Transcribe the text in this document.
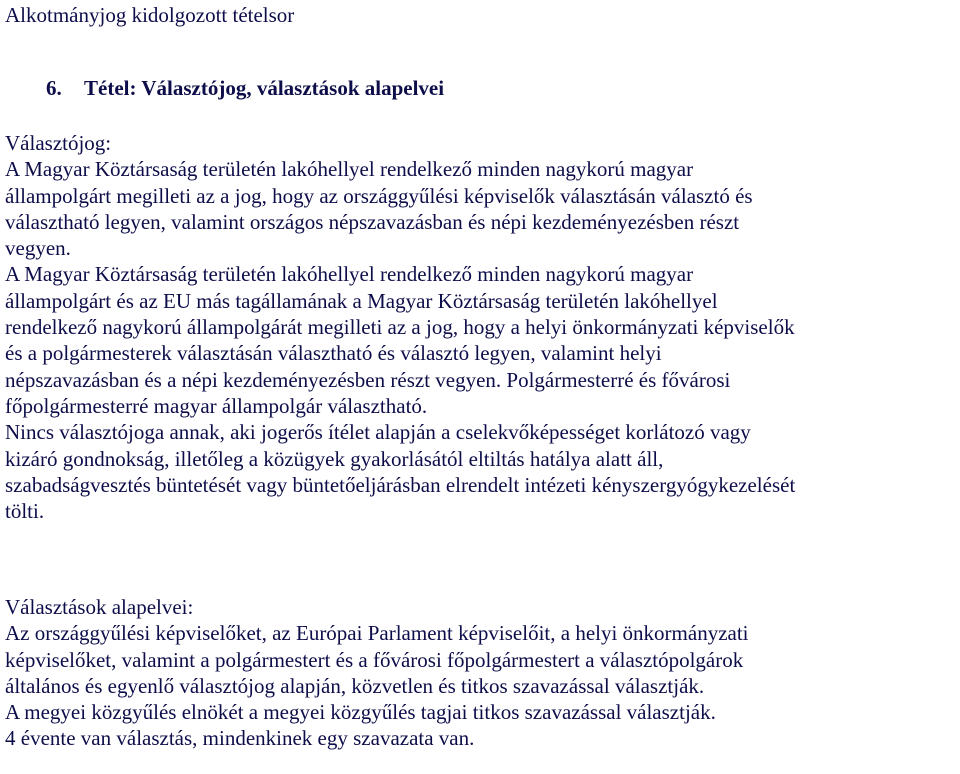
Alkotmányjog kidolgozott tételsor
6. Tétel: Választójog, választások alapelvei
Választójog:
A Magyar Köztársaság területén lakóhellyel rendelkező minden nagykorú magyar
állampolgárt megilleti az a jog, hogy az országgyűlési képviselők választásán választó és
választható legyen, valamint országos népszavazásban és népi kezdeményezésben részt
vegyen.
A Magyar Köztársaság területén lakóhellyel rendelkező minden nagykorú magyar
állampolgárt és az EU más tagállamának a Magyar Köztársaság területén lakóhellyel
rendelkező nagykorú állampolgárát megilleti az a jog, hogy a helyi önkormányzati képviselők
és a polgármesterek választásán választható és választó legyen, valamint helyi
népszavazásban és a népi kezdeményezésben részt vegyen. Polgármesterré és fővárosi
főpolgármesterré magyar állampolgár választható.
Nincs választójoga annak, aki jogerős ítélet alapján a cselekvőképességet korlátozó vagy
kizáró gondnokság, illetőleg a közügyek gyakorlásától eltiltás hatálya alatt áll,
szabadságvesztés büntetését vagy büntetőeljárásban elrendelt intézeti kényszergyógykezelését
tölti.
Választások alapelvei:
Az országgyűlési képviselőket, az Európai Parlament képviselőit, a helyi önkormányzati
képviselőket, valamint a polgármestert és a fővárosi főpolgármestert a választópolgárok
általános és egyenlő választójog alapján, közvetlen és titkos szavazással választják.
A megyei közgyűlés elnökét a megyei közgyűlés tagjai titkos szavazással választják.
4 évente van választás, mindenkinek egy szavazata van.
